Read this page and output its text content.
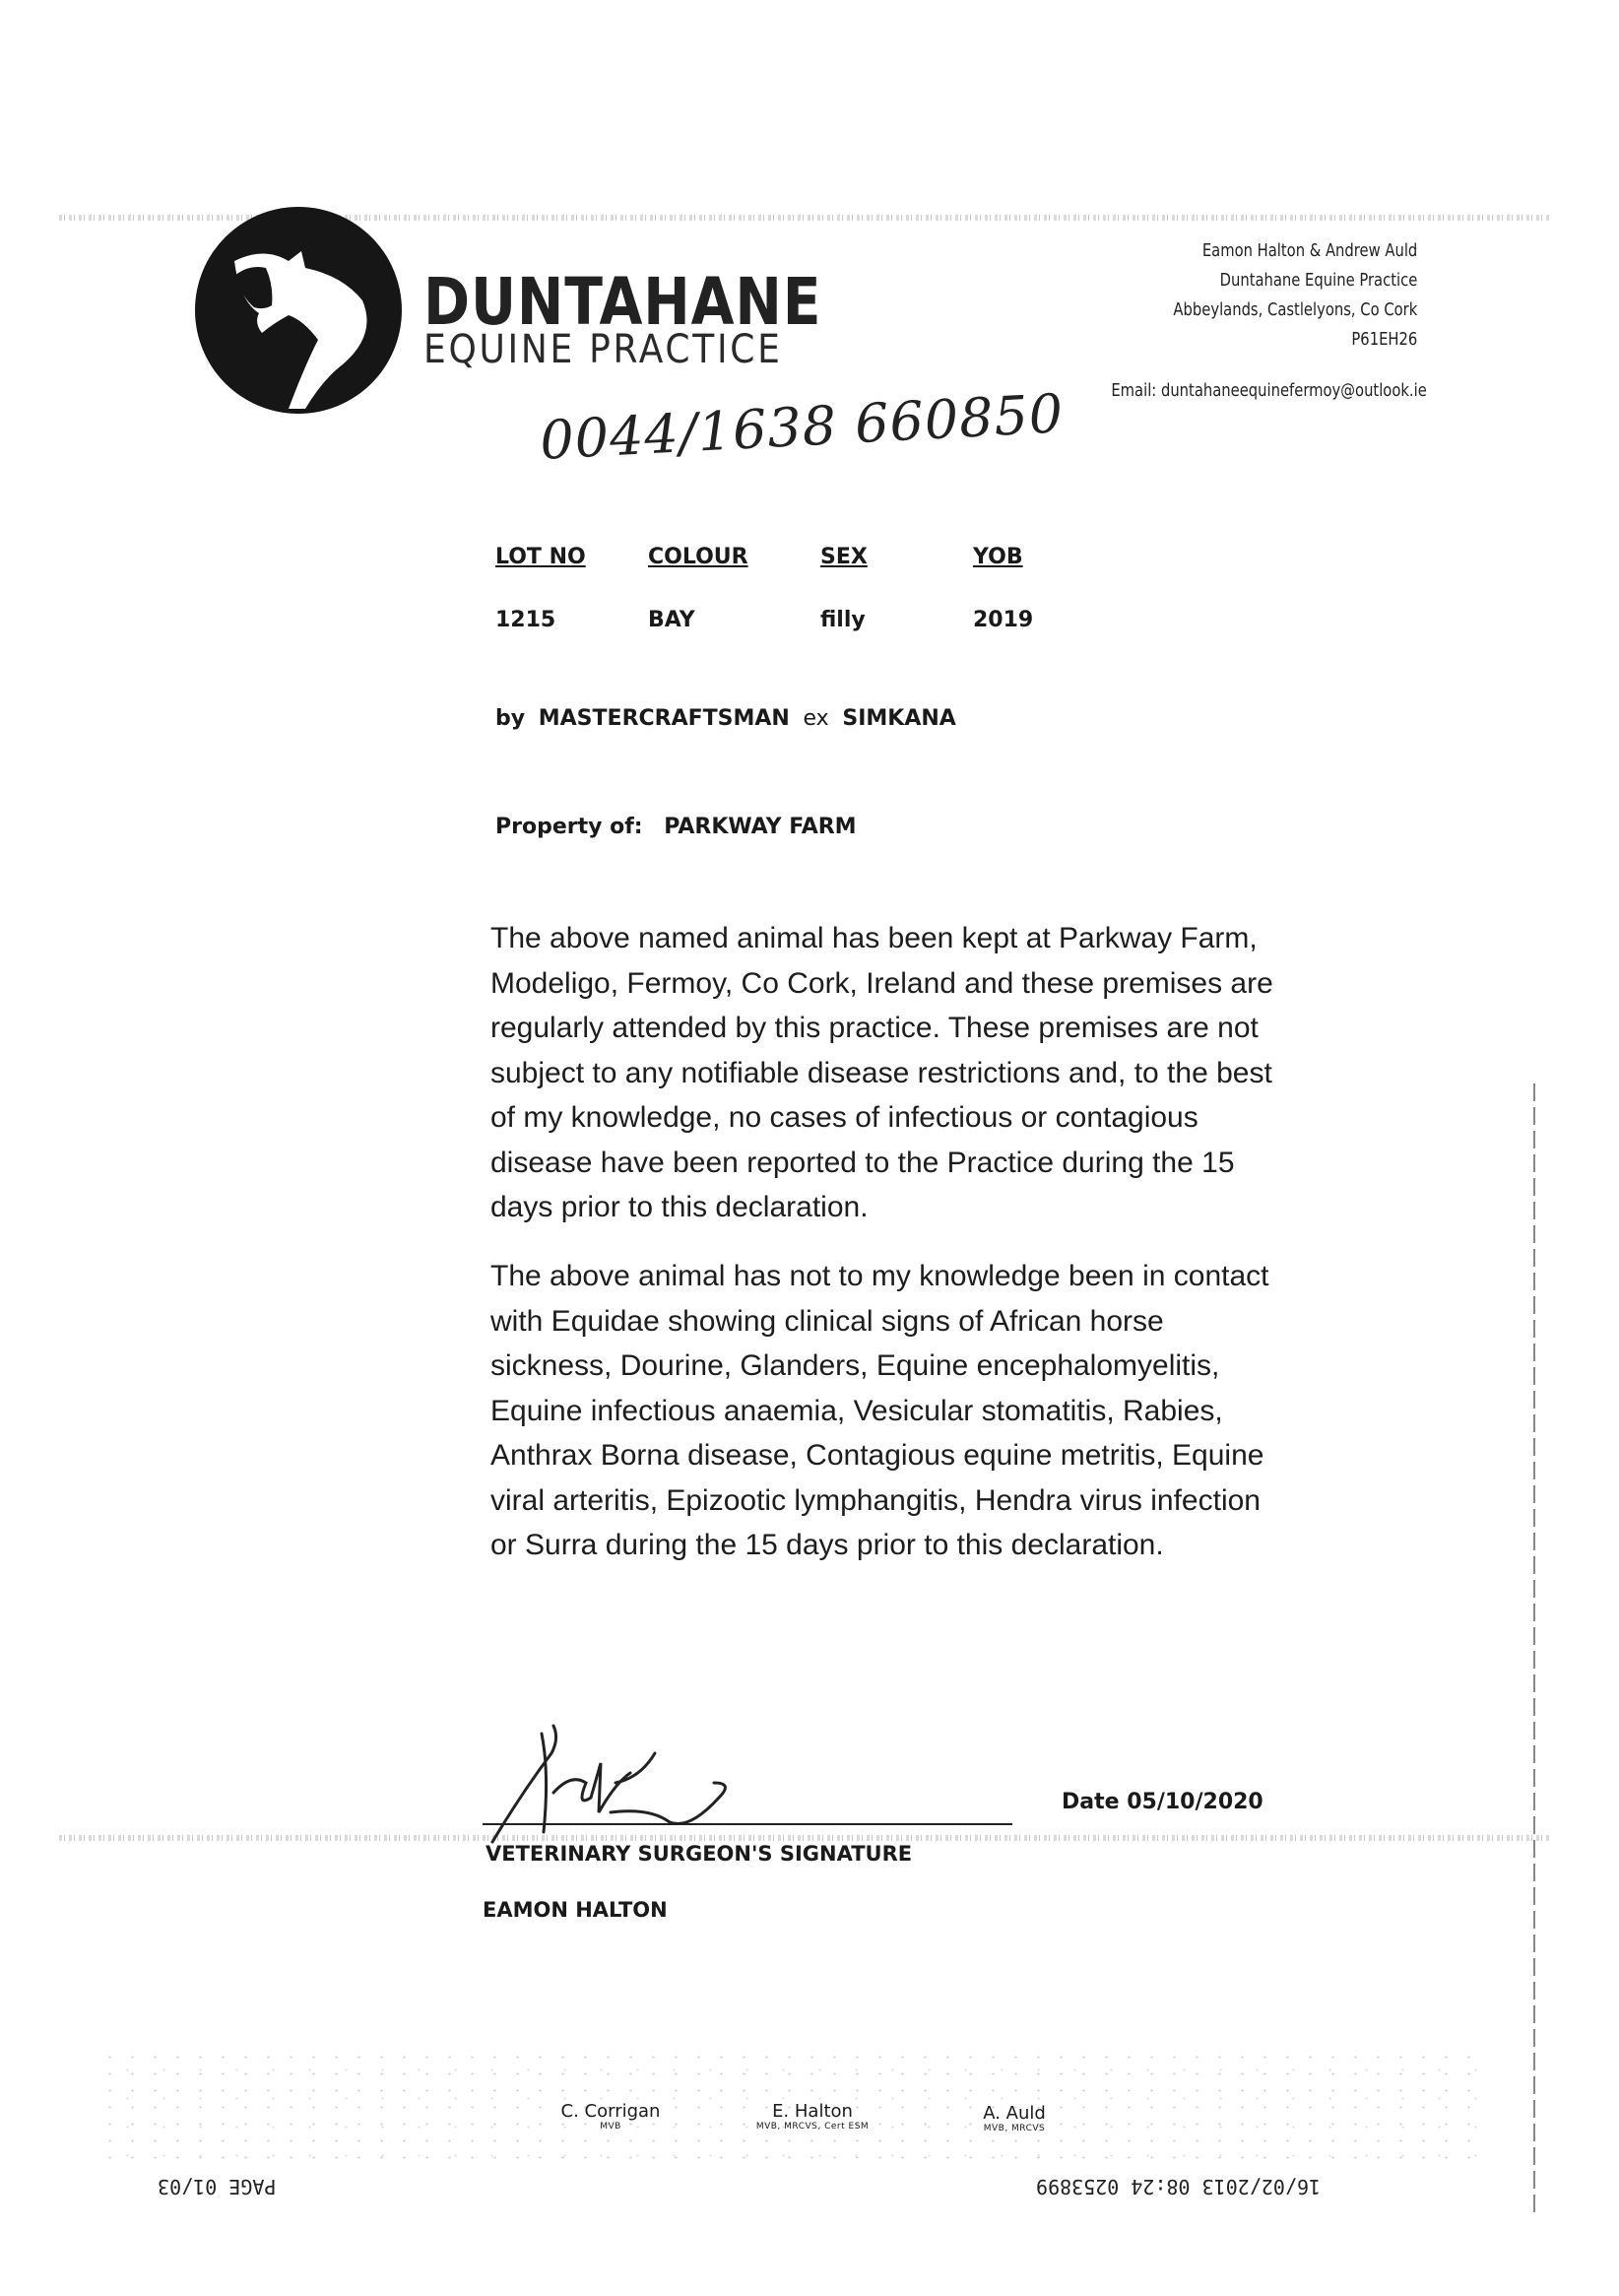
DUNTAHANE
EQUINE PRACTICE
Eamon Halton & Andrew Auld
Duntahane Equine Practice
Abbeylands, Castlelyons, Co Cork
P61EH26
Email: duntahaneequinefermoy@outlook.ie
0044/1638 660850
LOT NO	COLOUR	SEX	YOB
1215	BAY	filly	2019
by MASTERCRAFTSMAN ex SIMKANA
Property of: PARKWAY FARM

The above named animal has been kept at Parkway Farm, Modeligo, Fermoy, Co Cork, Ireland and these premises are regularly attended by this practice. These premises are not subject to any notifiable disease restrictions and, to the best of my knowledge, no cases of infectious or contagious disease have been reported to the Practice during the 15 days prior to this declaration.

The above animal has not to my knowledge been in contact with Equidae showing clinical signs of African horse sickness, Dourine, Glanders, Equine encephalomyelitis, Equine infectious anaemia, Vesicular stomatitis, Rabies, Anthrax Borna disease, Contagious equine metritis, Equine viral arteritis, Epizootic lymphangitis, Hendra virus infection or Surra during the 15 days prior to this declaration.

Date 05/10/2020
VETERINARY SURGEON'S SIGNATURE
EAMON HALTON
C. Corrigan
MVB
E. Halton
MVB, MRCVS, Cert ESM
A. Auld
MVB, MRCVS
PAGE 01/03	16/02/2013 08:24 0253899
